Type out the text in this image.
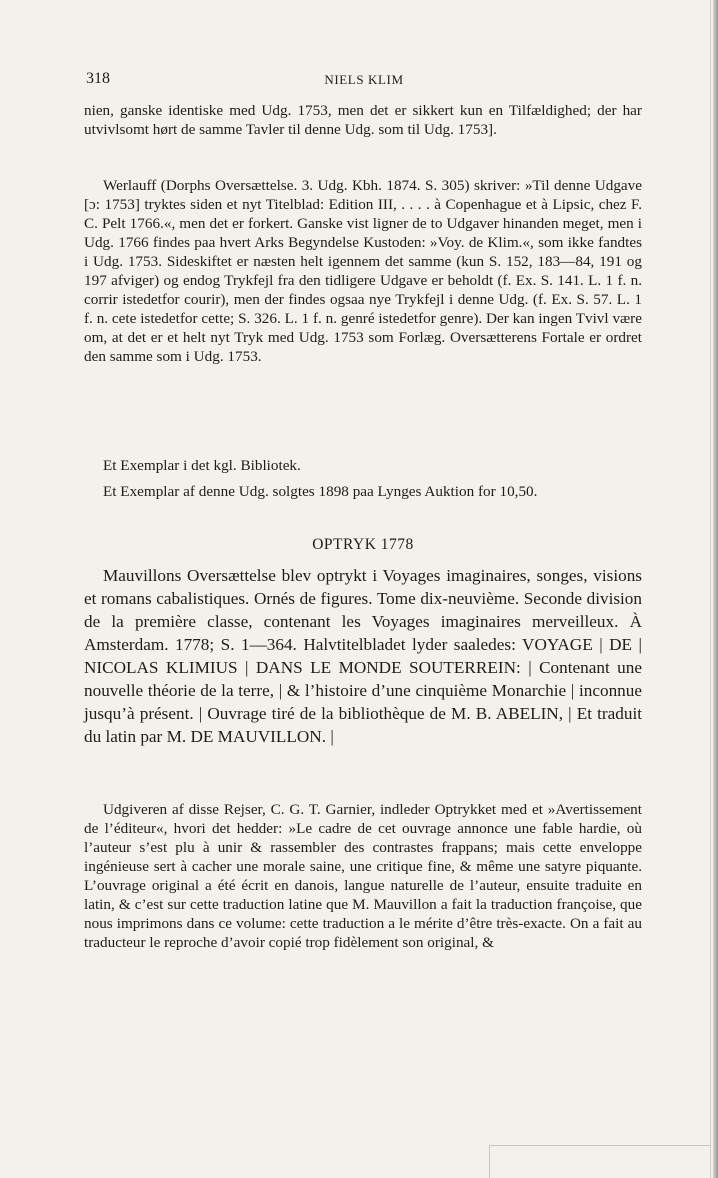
318	NIELS KLIM

nien, ganske identiske med Udg. 1753, men det er sikkert kun en Tilfældighed; der har utvivlsomt hørt de samme Tavler til denne Udg. som til Udg. 1753].

Werlauff (Dorphs Oversættelse. 3. Udg. Kbh. 1874. S. 305) skriver: »Til denne Udgave [ɔ: 1753] tryktes siden et nyt Titelblad: Edition III, . . . . à Copenhague et à Lipsic, chez F. C. Pelt 1766.«, men det er forkert. Ganske vist ligner de to Udgaver hinanden meget, men i Udg. 1766 findes paa hvert Arks Begyndelse Kustoden: »Voy. de Klim.«, som ikke fandtes i Udg. 1753. Sideskiftet er næsten helt igennem det samme (kun S. 152, 183—84, 191 og 197 afviger) og endog Trykfejl fra den tidligere Udgave er beholdt (f. Ex. S. 141. L. 1 f. n. corrir istedetfor courir), men der findes ogsaa nye Trykfejl i denne Udg. (f. Ex. S. 57. L. 1 f. n. cete istedetfor cette; S. 326. L. 1 f. n. genré istedetfor genre). Der kan ingen Tvivl være om, at det er et helt nyt Tryk med Udg. 1753 som Forlæg. Oversætterens Fortale er ordret den samme som i Udg. 1753.

Et Exemplar i det kgl. Bibliotek.

Et Exemplar af denne Udg. solgtes 1898 paa Lynges Auktion for 10,50.

OPTRYK 1778

Mauvillons Oversættelse blev optrykt i Voyages imaginaires, songes, visions et romans cabalistiques. Ornés de figures. Tome dix-neuvième. Seconde division de la première classe, contenant les Voyages imaginaires merveilleux. À Amsterdam. 1778; S. 1—364. Halvtitelbladet lyder saaledes: VOYAGE | DE | NICOLAS KLIMIUS | DANS LE MONDE SOUTERREIN: | Contenant une nouvelle théorie de la terre, | & l’histoire d’une cinquième Monarchie | inconnue jusqu’à présent. | Ouvrage tiré de la bibliothèque de M. B. ABELIN, | Et traduit du latin par M. DE MAUVILLON. |

Udgiveren af disse Rejser, C. G. T. Garnier, indleder Optrykket med et »Avertissement de l’éditeur«, hvori det hedder: »Le cadre de cet ouvrage annonce une fable hardie, où l’auteur s’est plu à unir & rassembler des contrastes frappans; mais cette enveloppe ingénieuse sert à cacher une morale saine, une critique fine, & même une satyre piquante. L’ouvrage original a été écrit en danois, langue naturelle de l’auteur, ensuite traduite en latin, & c’est sur cette traduction latine que M. Mauvillon a fait la traduction françoise, que nous imprimons dans ce volume: cette traduction a le mérite d’être très-exacte. On a fait au traducteur le reproche d’avoir copié trop fidèlement son original, &
